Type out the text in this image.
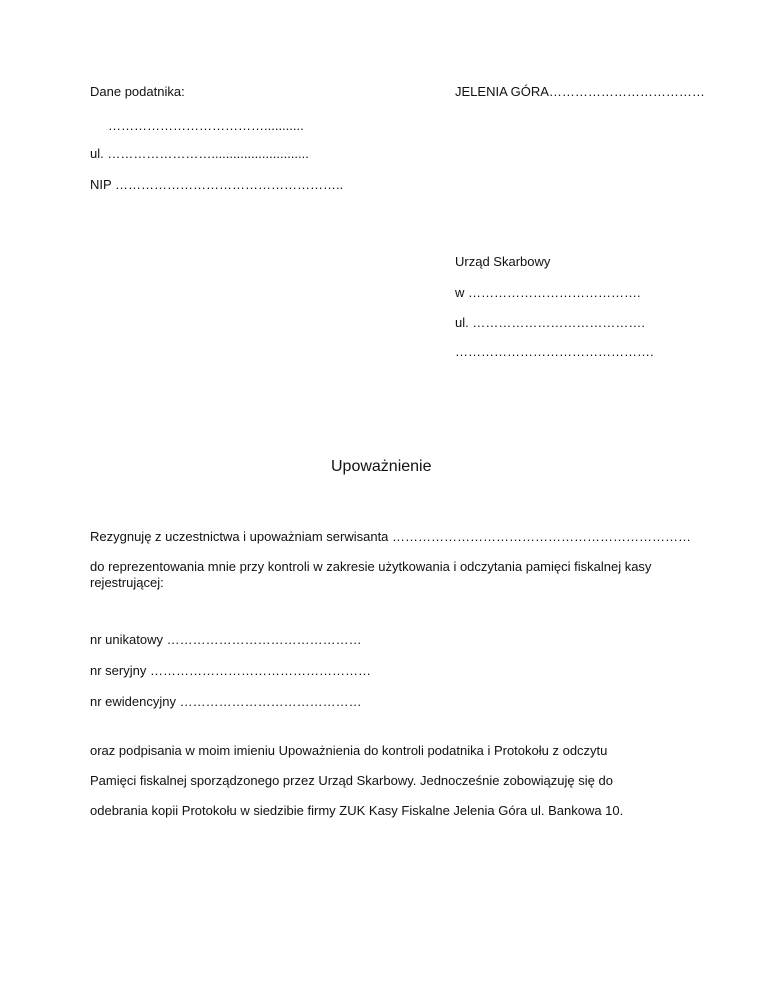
Dane podatnika:	JELENIA GÓRA………………………………
………………………………...........
ul. ……………………...........................
NIP ……………………………………………..
Urząd Skarbowy
w ………………………………….
ul. ………………………………….
……………………………………….
Upoważnienie
Rezygnuję z uczestnictwa i upoważniam serwisanta ……………………………………………………………
do reprezentowania mnie przy kontroli w zakresie użytkowania i odczytania pamięci fiskalnej kasy rejestrującej:
nr unikatowy ………………………………………
nr seryjny ……………………………………………
nr ewidencyjny ……………………………………
oraz podpisania w moim imieniu Upoważnienia do kontroli podatnika i Protokołu z odczytu
Pamięci fiskalnej sporządzonego przez Urząd Skarbowy. Jednocześnie zobowiązuję się do
odebrania kopii Protokołu w siedzibie firmy ZUK Kasy Fiskalne Jelenia Góra ul. Bankowa 10.
